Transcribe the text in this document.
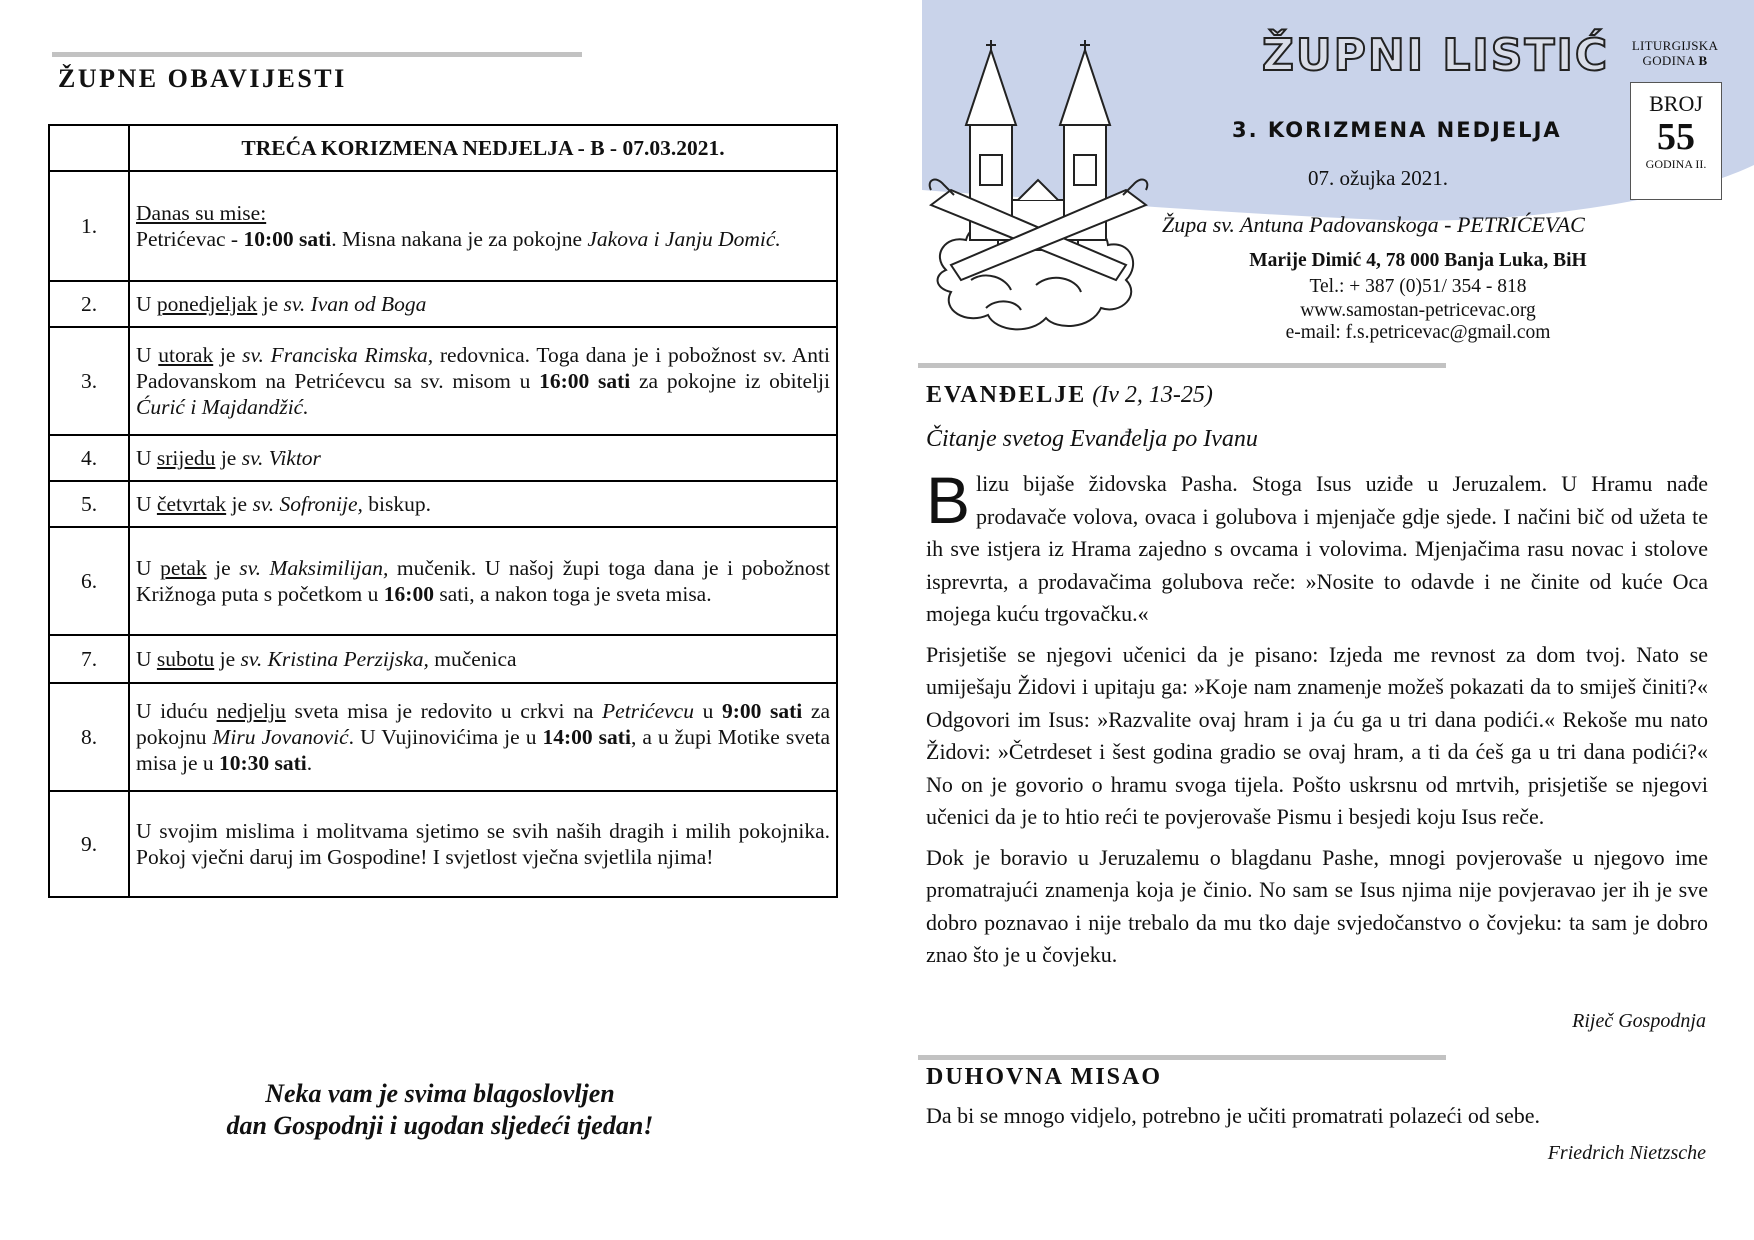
ŽUPNE OBAVIJESTI
	TREĆA KORIZMENA NEDJELJA - B - 07.03.2021.
1.	Danas su mise:
Petrićevac - 10:00 sati. Misna nakana je za pokojne Jakova i Janju Domić.
2.	U ponedjeljak je sv. Ivan od Boga
3.	U utorak je sv. Franciska Rimska, redovnica. Toga dana je i pobožnost sv. Anti Padovanskom na Petrićevcu sa sv. misom u 16:00 sati za pokojne iz obitelji Ćurić i Majdandžić.
4.	U srijedu je sv. Viktor
5.	U četvrtak je sv. Sofronije, biskup.
6.	U petak je sv. Maksimilijan, mučenik. U našoj župi toga dana je i pobožnost Križnoga puta s početkom u 16:00 sati, a nakon toga je sveta misa.
7.	U subotu je sv. Kristina Perzijska, mučenica
8.	U iduću nedjelju sveta misa je redovito u crkvi na Petrićevcu u 9:00 sati za pokojnu Miru Jovanović. U Vujinovićima je u 14:00 sati, a u župi Motike sveta misa je u 10:30 sati.
9.	U svojim mislima i molitvama sjetimo se svih naših dragih i milih pokojnika. Pokoj vječni daruj im Gospodine! I svjetlost vječna svjetlila njima!
Neka vam je svima blagoslovljen
dan Gospodnji i ugodan sljedeći tjedan!
ŽUPNI LISTIĆ
3. KORIZMENA NEDJELJA
07. ožujka 2021.
Župa sv. Antuna Padovanskoga - PETRIĆEVAC
Marije Dimić 4, 78 000 Banja Luka, BiH
Tel.: + 387 (0)51/ 354 - 818
www.samostan-petricevac.org
e-mail: f.s.petricevac@gmail.com
LITURGIJSKA
GODINA B
BROJ
55
GODINA II.
EVANĐELJE (Iv 2, 13-25)
Čitanje svetog Evanđelja po Ivanu

Blizu bijaše židovska Pasha. Stoga Isus uziđe u Jeruzalem. U Hramu nađe prodavače volova, ovaca i golubova i mjenjače gdje sjede. I načini bič od užeta te ih sve istjera iz Hrama zajedno s ovcama i volovima. Mjenjačima rasu novac i stolove isprevrta, a prodavačima golubova reče: »Nosite to odavde i ne činite od kuće Oca mojega kuću trgovačku.«

Prisjetiše se njegovi učenici da je pisano: Izjeda me revnost za dom tvoj. Nato se umiješaju Židovi i upitaju ga: »Koje nam znamenje možeš pokazati da to smiješ činiti?« Odgovori im Isus: »Razvalite ovaj hram i ja ću ga u tri dana podići.« Rekoše mu nato Židovi: »Četrdeset i šest godina gradio se ovaj hram, a ti da ćeš ga u tri dana podići?« No on je govorio o hramu svoga tijela. Pošto uskrsnu od mrtvih, prisjetiše se njegovi učenici da je to htio reći te povjerovaše Pismu i besjedi koju Isus reče.

Dok je boravio u Jeruzalemu o blagdanu Pashe, mnogi povjerovaše u njegovo ime promatrajući znamenja koja je činio. No sam se Isus njima nije povjeravao jer ih je sve dobro poznavao i nije trebalo da mu tko daje svjedočanstvo o čovjeku: ta sam je dobro znao što je u čovjeku.

Riječ Gospodnja
DUHOVNA MISAO
Da bi se mnogo vidjelo, potrebno je učiti promatrati polazeći od sebe.
Friedrich Nietzsche
